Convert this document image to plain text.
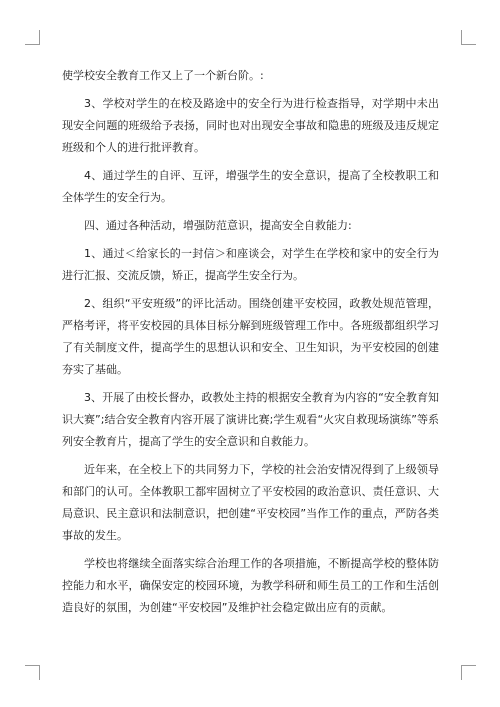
使学校安全教育工作又上了一个新台阶。:

3、学校对学生的在校及路途中的安全行为进行检查指导，对学期中未出现安全问题的班级给予表扬，同时也对出现安全事故和隐患的班级及违反规定班级和个人的进行批评教育。

4、通过学生的自评、互评，增强学生的安全意识，提高了全校教职工和全体学生的安全行为。

四、通过各种活动，增强防范意识，提高安全自救能力:

1、通过＜给家长的一封信＞和座谈会，对学生在学校和家中的安全行为进行汇报、交流反馈，矫正，提高学生安全行为。

2、组织“平安班级”的评比活动。围绕创建平安校园，政教处规范管理，严格考评，将平安校园的具体目标分解到班级管理工作中。各班级都组织学习了有关制度文件，提高学生的思想认识和安全、卫生知识，为平安校园的创建夯实了基础。

3、开展了由校长督办，政教处主持的根据安全教育为内容的“安全教育知识大赛”;结合安全教育内容开展了演讲比赛;学生观看“火灾自救现场演练”等系列安全教育片，提高了学生的安全意识和自救能力。

近年来，在全校上下的共同努力下，学校的社会治安情况得到了上级领导和部门的认可。全体教职工都牢固树立了平安校园的政治意识、责任意识、大局意识、民主意识和法制意识，把创建“平安校园”当作工作的重点，严防各类事故的发生。

学校也将继续全面落实综合治理工作的各项措施，不断提高学校的整体防控能力和水平，确保安定的校园环境，为教学科研和师生员工的工作和生活创造良好的氛围，为创建“平安校园”及维护社会稳定做出应有的贡献。
